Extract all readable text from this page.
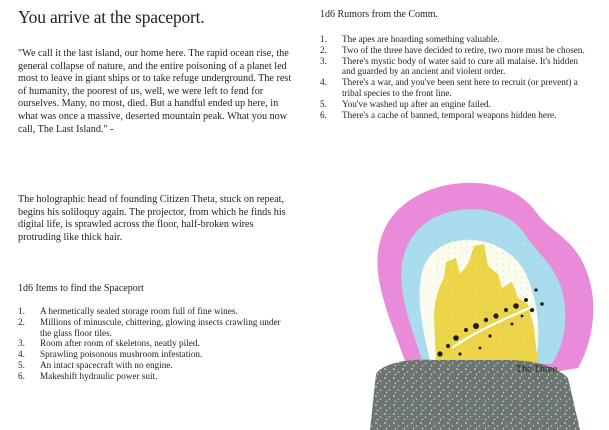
You arrive at the spaceport.

"We call it the last island, our home here. The rapid ocean rise, the general collapse of nature, and the entire poisoning of a planet led most to leave in giant ships or to take refuge underground. The rest of humanity, the poorest of us, well, we were left to fend for ourselves. Many, no most, died. But a handful ended up here, in what was once a massive, deserted mountain peak. What you now call, The Last Island." -

The holographic head of founding Citizen Theta, stuck on repeat, begins his soliloquy again. The projector, from which he finds his digital life, is sprawled across the floor, half-broken wires protruding like thick hair.

1d6 Items to find the Spaceport
1. A hermetically sealed storage room full of fine wines.
2. Millions of minuscule, chittering, glowing insects crawling under the glass floor tiles.
3. Room after room of skeletons, neatly piled.
4. Sprawling poisonous mushroom infestation.
5. An intact spacecraft with no engine.
6. Makeshift hydraulic power suit.
1d6 Rumors from the Comm.
1. The apes are hoarding something valuable.
2. Two of the three have decided to retire, two more must be chosen.
3. There's mystic body of water said to cure all malaise. It's hidden and guarded by an ancient and violent order.
4. There's a war, and you've been sent here to recruit (or prevent) a tribal species to the front line.
5. You've washed up after an engine failed.
6. There's a cache of banned, temporal weapons hidden here.

The Three
